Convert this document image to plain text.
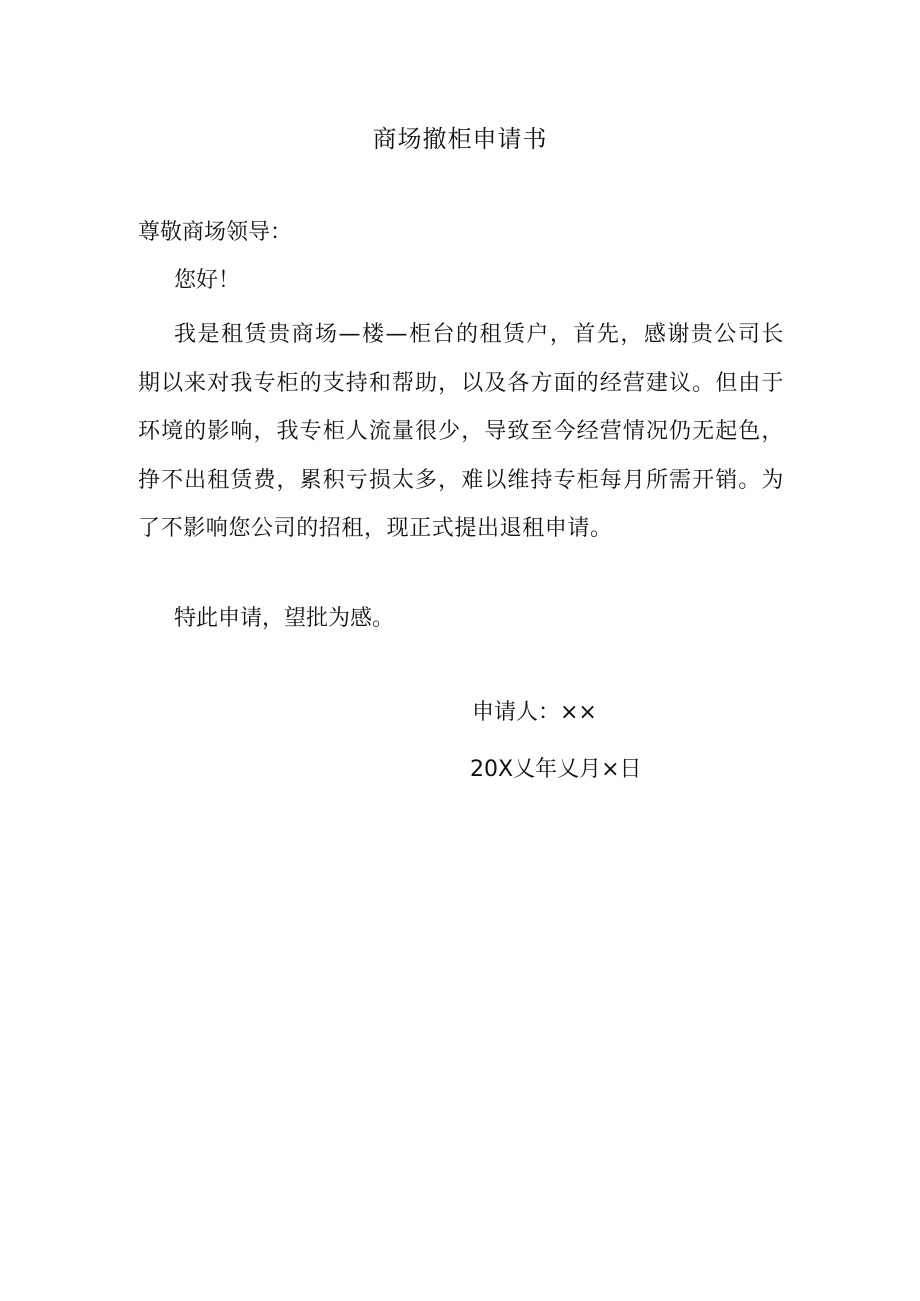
商场撤柜申请书
尊敬商场领导：
您好！
我是租赁贵商场—楼—柜台的租赁户，首先，感谢贵公司长期以来对我专柜的支持和帮助，以及各方面的经营建议。但由于环境的影响，我专柜人流量很少，导致至今经营情况仍无起色，挣不出租赁费，累积亏损太多，难以维持专柜每月所需开销。为了不影响您公司的招租，现正式提出退租申请。
特此申请，望批为感。
申请人：××
20X乂年乂月×日
